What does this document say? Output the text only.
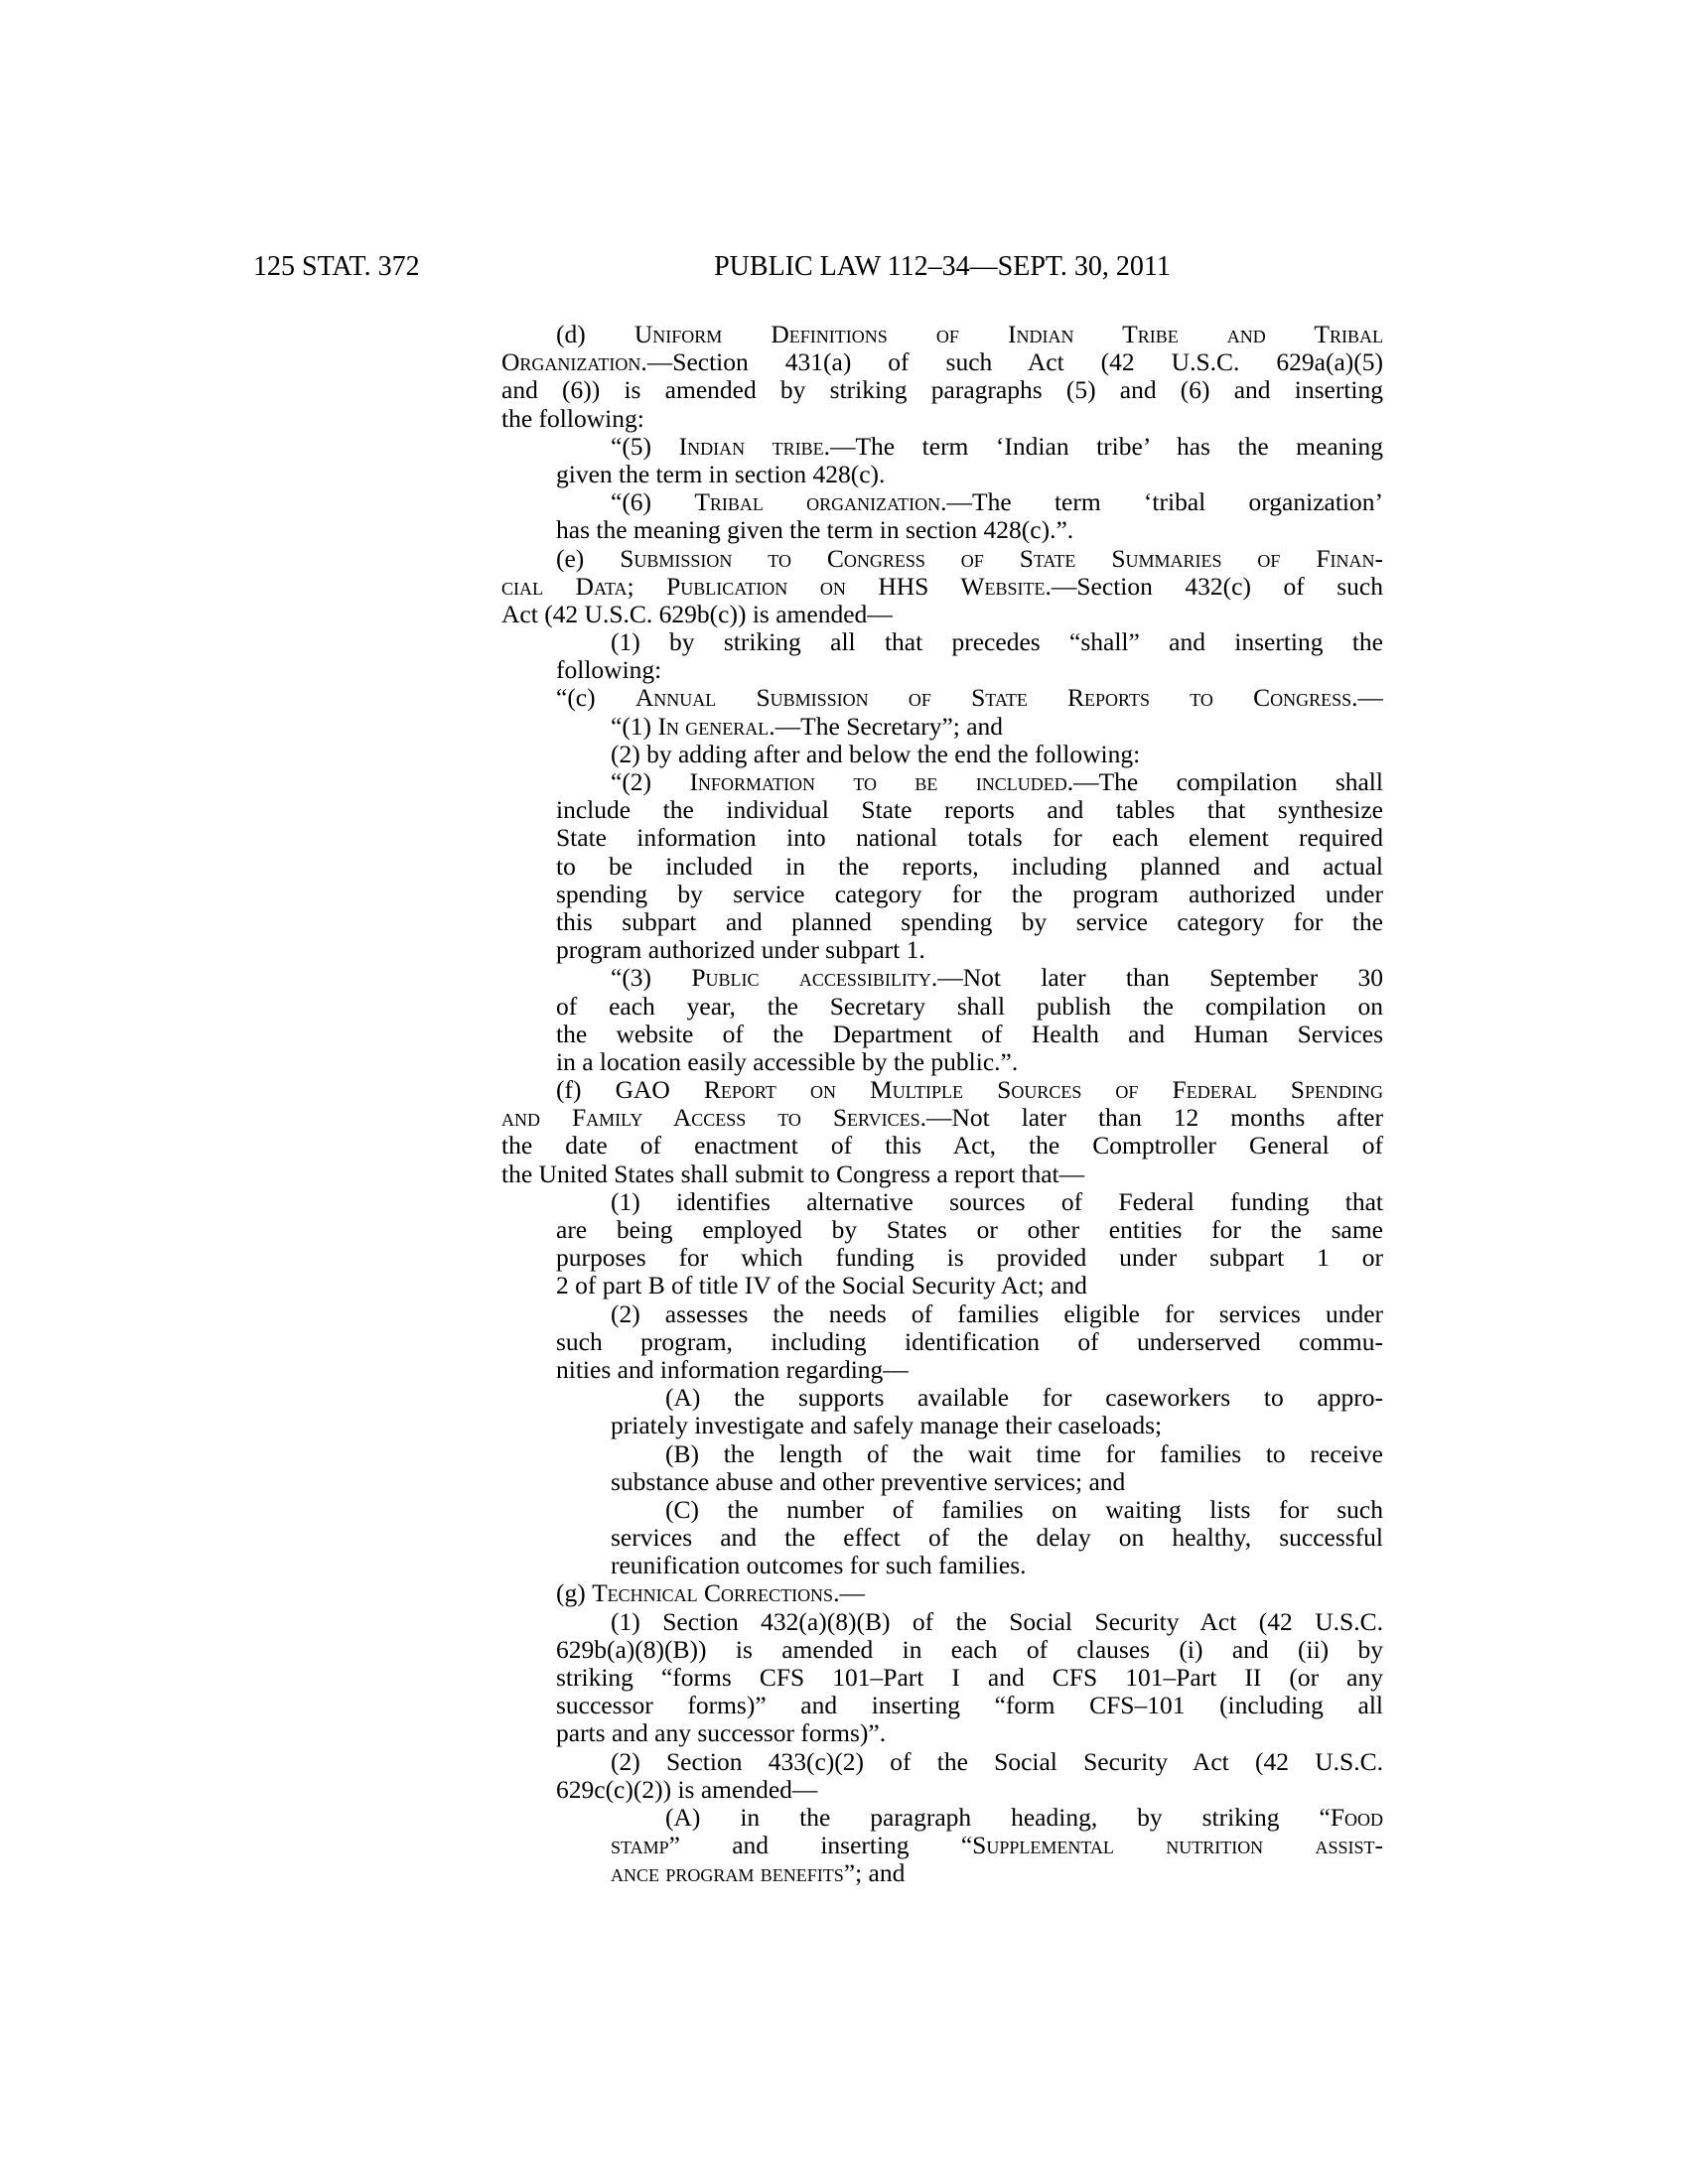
125 STAT. 372	PUBLIC LAW 112–34—SEPT. 30, 2011
(d) Uniform Definitions of Indian Tribe and Tribal
Organization.—Section 431(a) of such Act (42 U.S.C. 629a(a)(5)
and (6)) is amended by striking paragraphs (5) and (6) and inserting
the following:
“(5) Indian tribe.—The term ‘Indian tribe’ has the meaning
given the term in section 428(c).
“(6) Tribal organization.—The term ‘tribal organization’
has the meaning given the term in section 428(c).”.
(e) Submission to Congress of State Summaries of Finan-
cial Data; Publication on HHS Website.—Section 432(c) of such
Act (42 U.S.C. 629b(c)) is amended—
(1) by striking all that precedes “shall” and inserting the
following:
“(c) Annual Submission of State Reports to Congress.—
“(1) In general.—The Secretary”; and
(2) by adding after and below the end the following:
“(2) Information to be included.—The compilation shall
include the individual State reports and tables that synthesize
State information into national totals for each element required
to be included in the reports, including planned and actual
spending by service category for the program authorized under
this subpart and planned spending by service category for the
program authorized under subpart 1.
“(3) Public accessibility.—Not later than September 30
of each year, the Secretary shall publish the compilation on
the website of the Department of Health and Human Services
in a location easily accessible by the public.”.
(f) GAO Report on Multiple Sources of Federal Spending
and Family Access to Services.—Not later than 12 months after
the date of enactment of this Act, the Comptroller General of
the United States shall submit to Congress a report that—
(1) identifies alternative sources of Federal funding that
are being employed by States or other entities for the same
purposes for which funding is provided under subpart 1 or
2 of part B of title IV of the Social Security Act; and
(2) assesses the needs of families eligible for services under
such program, including identification of underserved commu-
nities and information regarding—
(A) the supports available for caseworkers to appro-
priately investigate and safely manage their caseloads;
(B) the length of the wait time for families to receive
substance abuse and other preventive services; and
(C) the number of families on waiting lists for such
services and the effect of the delay on healthy, successful
reunification outcomes for such families.
(g) Technical Corrections.—
(1) Section 432(a)(8)(B) of the Social Security Act (42 U.S.C.
629b(a)(8)(B)) is amended in each of clauses (i) and (ii) by
striking “forms CFS 101–Part I and CFS 101–Part II (or any
successor forms)” and inserting “form CFS–101 (including all
parts and any successor forms)”.
(2) Section 433(c)(2) of the Social Security Act (42 U.S.C.
629c(c)(2)) is amended—
(A) in the paragraph heading, by striking “Food
stamp” and inserting “Supplemental nutrition assist-
ance program benefits”; and
